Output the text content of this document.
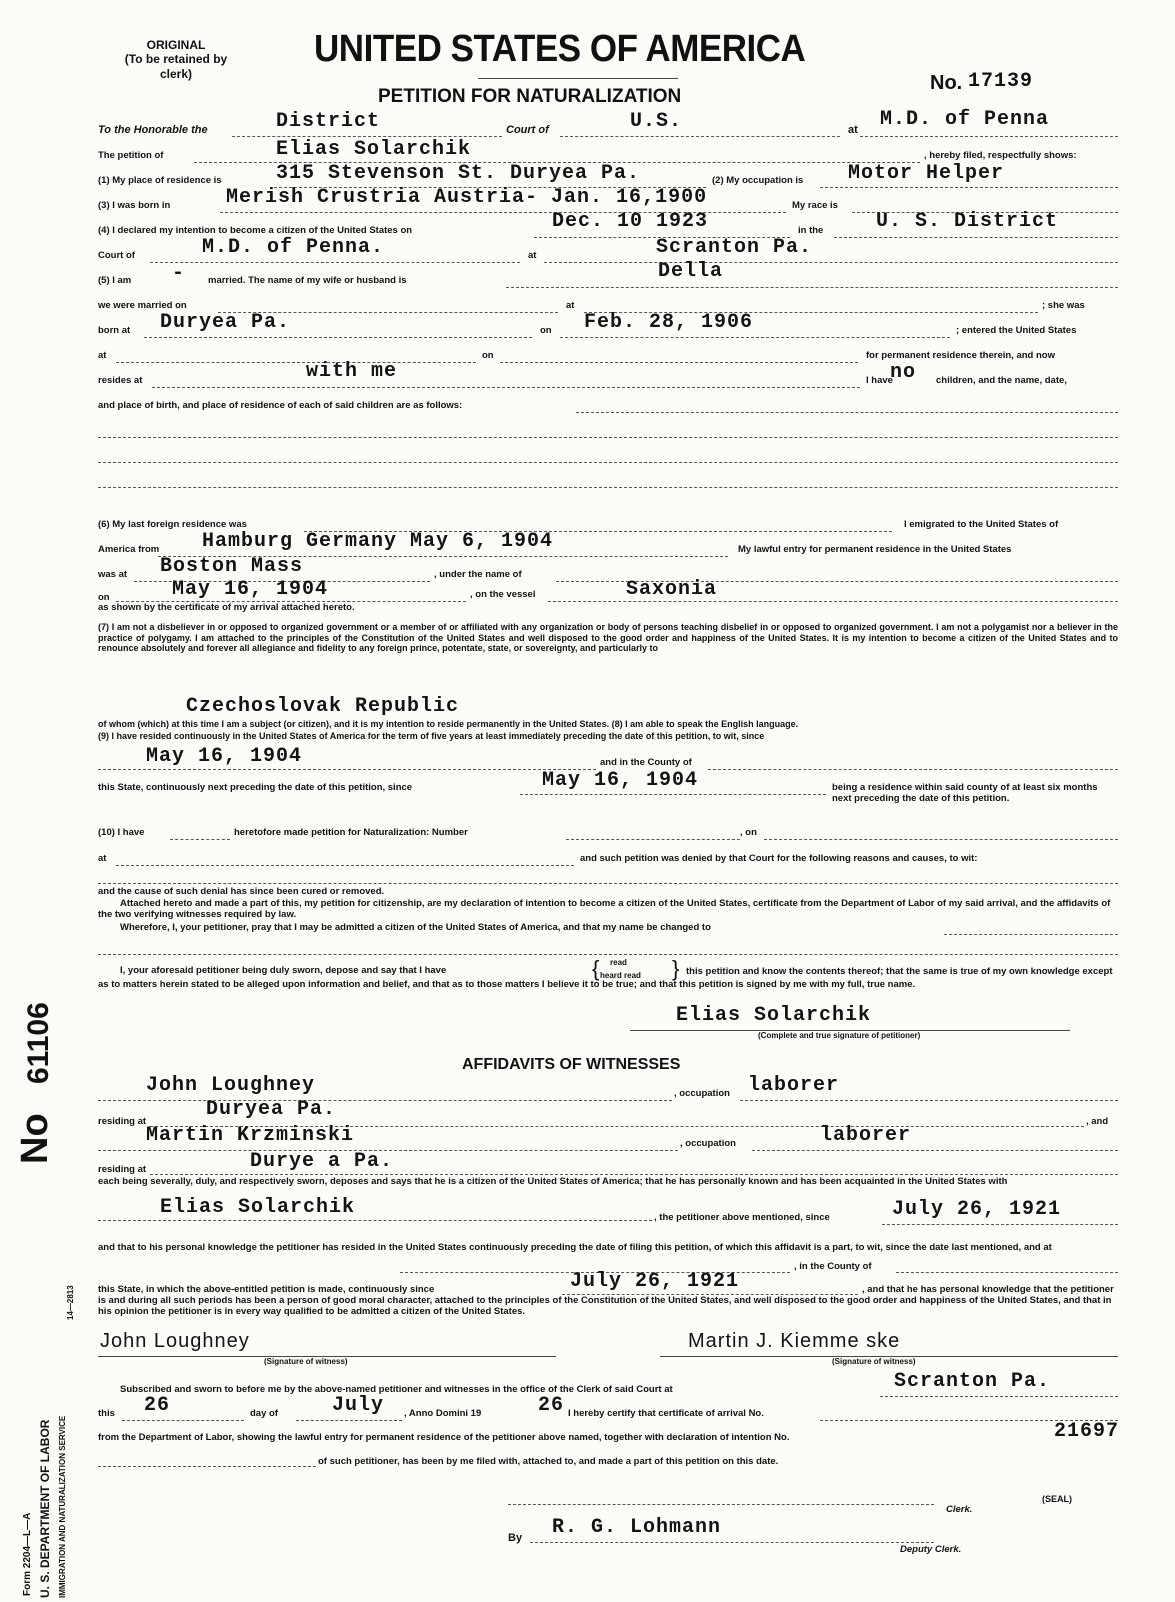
ORIGINAL
(To be retained by
clerk)
UNITED STATES OF AMERICA
PETITION FOR NATURALIZATION
No. 17139
To the Honorable the	District	Court of	U.S.	at M.D. of Penna
The petition of	Elias Solarchik	, hereby filed, respectfully shows:
(1) My place of residence is	315 Stevenson St. Duryea Pa.	(2) My occupation is Motor Helper
(3) I was born in	Merish Crustria Austria- Jan. 16,1900	My race is
(4) I declared my intention to become a citizen of the United States on	Dec. 10 1923	in the	U. S. District
Court of	M.D. of Penna.	at	Scranton Pa.
(5) I am - married. The name of my wife or husband is	Della
we were married on	at	; she was
born at Duryea Pa.	on Feb. 28, 1906	; entered the United States
at	on	for permanent residence therein, and now
resides at	with me	I have
no children, and the name, date,
and place of birth, and place of residence of each of said children are as follows:
(6) My last foreign residence was	I emigrated to the United States of
America from Hamburg Germany May 6, 1904	My lawful entry for permanent residence in the United States
was at Boston Mass	, under the name of
on	May 16, 1904	, on the vessel	Saxonia
as shown by the certificate of my arrival attached hereto.
(7) I am not a disbeliever in or opposed to organized government or a member of or affiliated with any organization or body of persons teaching disbelief in or opposed to organized government. I am not a polygamist nor a believer in the practice of polygamy. I am attached to the principles of the Constitution of the United States and well disposed to the good order and happiness of the United States. It is my intention to become a citizen of the United States and to renounce absolutely and forever all allegiance and fidelity to any foreign prince, potentate, state, or sovereignty, and particularly to
Czechoslovak Republic
of whom (which) at this time I am a subject (or citizen), and it is my intention to reside permanently in the United States. (8) I am able to speak the English language.
(9) I have resided continuously in the United States of America for the term of five years at least immediately preceding the date of this petition, to wit, since
May 16, 1904	and in the County of
this State, continuously next preceding the date of this petition, since	May 16, 1904	being a residence within said county of at least six months next preceding the date of this petition.
(10) I have	heretofore made petition for Naturalization: Number	, on
at	and such petition was denied by that Court for the following reasons and causes, to wit:
and the cause of such denial has since been cured or removed.
Attached hereto and made a part of this, my petition for citizenship, are my declaration of intention to become a citizen of the United States, certificate from the Department of Labor of my said arrival, and the affidavits of the two verifying witnesses required by law.
Wherefore, I, your petitioner, pray that I may be admitted a citizen of the United States of America, and that my name be changed to
I, your aforesaid petitioner being duly sworn, depose and say that I have	{ read
heard read } this petition and know the contents thereof; that the same is true of my own knowledge except as to matters herein stated to be alleged upon information and belief, and that as to those matters I believe it to be true; and that this petition is signed by me with my full, true name.
Elias Solarchik
(Complete and true signature of petitioner)
AFFIDAVITS OF WITNESSES
John Loughney	, occupation laborer
residing at
Duryea Pa.
, and
Martin Krzminski	, occupation	laborer
residing at	Durye a Pa.
each being severally, duly, and respectively sworn, deposes and says that he is a citizen of the United States of America; that he has personally known and has been acquainted in the United States with
Elias Solarchik	, the petitioner above mentioned, since	July 26, 1921
and that to his personal knowledge the petitioner has resided in the United States continuously preceding the date of filing this petition, of which this affidavit is a part, to wit, since the date last mentioned, and at
, in the County of
this State, in which the above-entitled petition is made, continuously since	July 26, 1921	, and that he has personal knowledge that the petitioner is and during all such periods has been a person of good moral character, attached to the principles of the Constitution of the United States, and well disposed to the good order and happiness of the United States, and that in his opinion the petitioner is in every way qualified to be admitted a citizen of the United States.
John Loughney
(Signature of witness)
Martin J. Kiemme ske
(Signature of witness)
Subscribed and sworn to before me by the above-named petitioner and witnesses in the office of the Clerk of said Court at	Scranton Pa.
this 26	day of	July , Anno Domini 19	26 I hereby certify that certificate of arrival No.
from the Department of Labor, showing the lawful entry for permanent residence of the petitioner above named, together with declaration of intention No.	21697
of such petitioner, has been by me filed with, attached to, and made a part of this petition on this date.
Clerk.
(SEAL)
By R. G. Lohmann
Deputy Clerk.
No
61106
Form 2204—L—A U. S. DEPARTMENT OF LABOR IMMIGRATION AND NATURALIZATION SERVICE
14—2813
